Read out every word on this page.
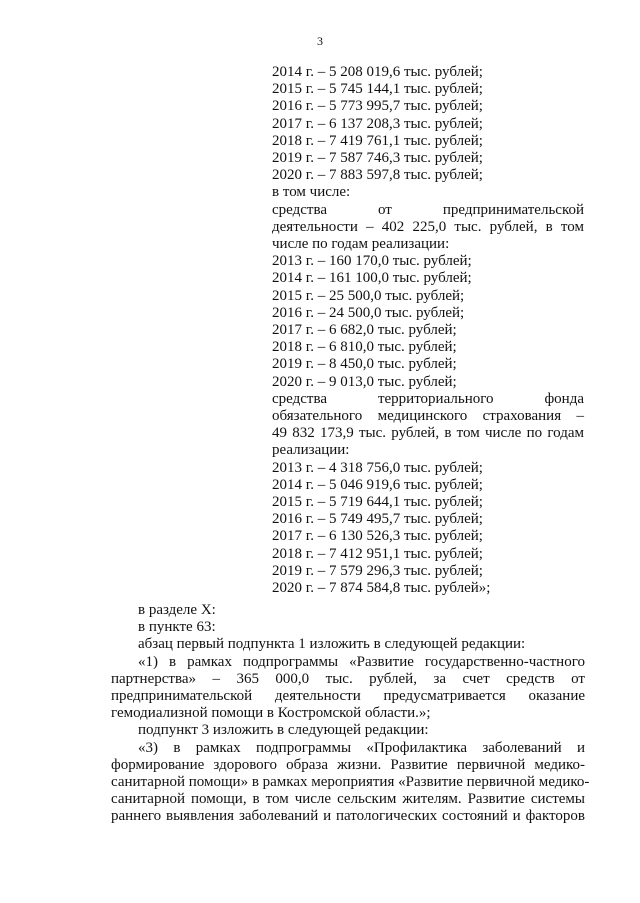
3
2014 г. – 5 208 019,6 тыс. рублей;
2015 г. – 5 745 144,1 тыс. рублей;
2016 г. – 5 773 995,7 тыс. рублей;
2017 г. – 6 137 208,3 тыс. рублей;
2018 г. – 7 419 761,1 тыс. рублей;
2019 г. – 7 587 746,3 тыс. рублей;
2020 г. – 7 883 597,8 тыс. рублей;
в том числе:
средства от предпринимательской
деятельности – 402 225,0 тыс. рублей, в том
числе по годам реализации:
2013 г. – 160 170,0 тыс. рублей;
2014 г. – 161 100,0 тыс. рублей;
2015 г. – 25 500,0 тыс. рублей;
2016 г. – 24 500,0 тыс. рублей;
2017 г. – 6 682,0 тыс. рублей;
2018 г. – 6 810,0 тыс. рублей;
2019 г. – 8 450,0 тыс. рублей;
2020 г. – 9 013,0 тыс. рублей;
средства территориального фонда
обязательного медицинского страхования –
49 832 173,9 тыс. рублей, в том числе по годам
реализации:
2013 г. – 4 318 756,0 тыс. рублей;
2014 г. – 5 046 919,6 тыс. рублей;
2015 г. – 5 719 644,1 тыс. рублей;
2016 г. – 5 749 495,7 тыс. рублей;
2017 г. – 6 130 526,3 тыс. рублей;
2018 г. – 7 412 951,1 тыс. рублей;
2019 г. – 7 579 296,3 тыс. рублей;
2020 г. – 7 874 584,8 тыс. рублей»;
в разделе X:
в пункте 63:
абзац первый подпункта 1 изложить в следующей редакции:
«1) в рамках подпрограммы «Развитие государственно-частного
партнерства» – 365 000,0 тыс. рублей, за счет средств от
предпринимательской деятельности предусматривается оказание
гемодиализной помощи в Костромской области.»;
подпункт 3 изложить в следующей редакции:
«3) в рамках подпрограммы «Профилактика заболеваний и
формирование здорового образа жизни. Развитие первичной медико-
санитарной помощи» в рамках мероприятия «Развитие первичной медико-
санитарной помощи, в том числе сельским жителям. Развитие системы
раннего выявления заболеваний и патологических состояний и факторов
